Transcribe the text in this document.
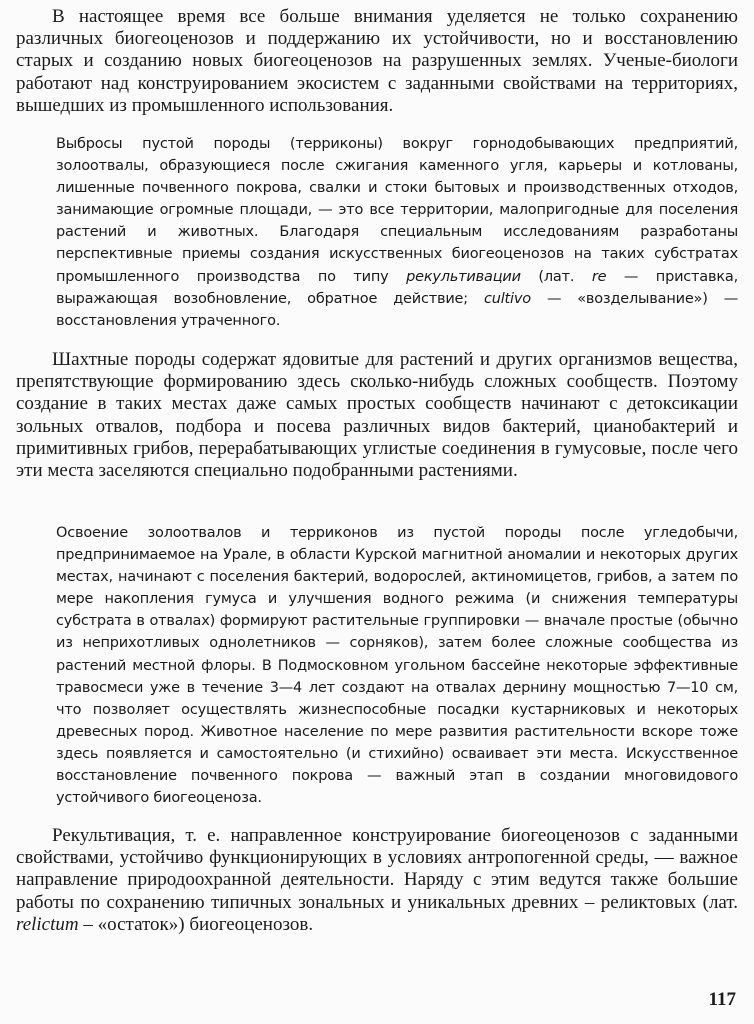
В настоящее время все больше внимания уделяется не только сохранению различных биогеоценозов и поддержанию их устойчивости, но и восстановлению старых и созданию новых биогеоценозов на разрушенных землях. Ученые-биологи работают над конструированием экосистем с заданными свойствами на территориях, вышедших из промышленного использования.

Выбросы пустой породы (терриконы) вокруг горнодобывающих предприятий, золоотвалы, образующиеся после сжигания каменного угля, карьеры и котлованы, лишенные почвенного покрова, свалки и стоки бытовых и производственных отходов, занимающие огромные площади, — это все территории, малопригодные для поселения растений и животных. Благодаря специальным исследованиям разработаны перспективные приемы создания искусственных биогеоценозов на таких субстратах промышленного производства по типу рекультивации (лат. re — приставка, выражающая возобновление, обратное действие; cultivo — «возделывание») — восстановления утраченного.

Шахтные породы содержат ядовитые для растений и других организмов вещества, препятствующие формированию здесь сколько-нибудь сложных сообществ. Поэтому создание в таких местах даже самых простых сообществ начинают с детоксикации зольных отвалов, подбора и посева различных видов бактерий, цианобактерий и примитивных грибов, перерабатывающих углистые соединения в гумусовые, после чего эти места заселяются специально подобранными растениями.

Освоение золоотвалов и терриконов из пустой породы после угледобычи, предпринимаемое на Урале, в области Курской магнитной аномалии и некоторых других местах, начинают с поселения бактерий, водорослей, актиномицетов, грибов, а затем по мере накопления гумуса и улучшения водного режима (и снижения температуры субстрата в отвалах) формируют растительные группировки — вначале простые (обычно из неприхотливых однолетников — сорняков), затем более сложные сообщества из растений местной флоры. В Подмосковном угольном бассейне некоторые эффективные травосмеси уже в течение 3—4 лет создают на отвалах дернину мощностью 7—10 см, что позволяет осуществлять жизнеспособные посадки кустарниковых и некоторых древесных пород. Животное население по мере развития растительности вскоре тоже здесь появляется и самостоятельно (и стихийно) осваивает эти места. Искусственное восстановление почвенного покрова — важный этап в создании многовидового устойчивого биогеоценоза.

Рекультивация, т. е. направленное конструирование биогеоценозов с заданными свойствами, устойчиво функционирующих в условиях антропогенной среды, — важное направление природоохранной деятельности. Наряду с этим ведутся также большие работы по сохранению типичных зональных и уникальных древних – реликтовых (лат. relictum – «остаток») биогеоценозов.

117
